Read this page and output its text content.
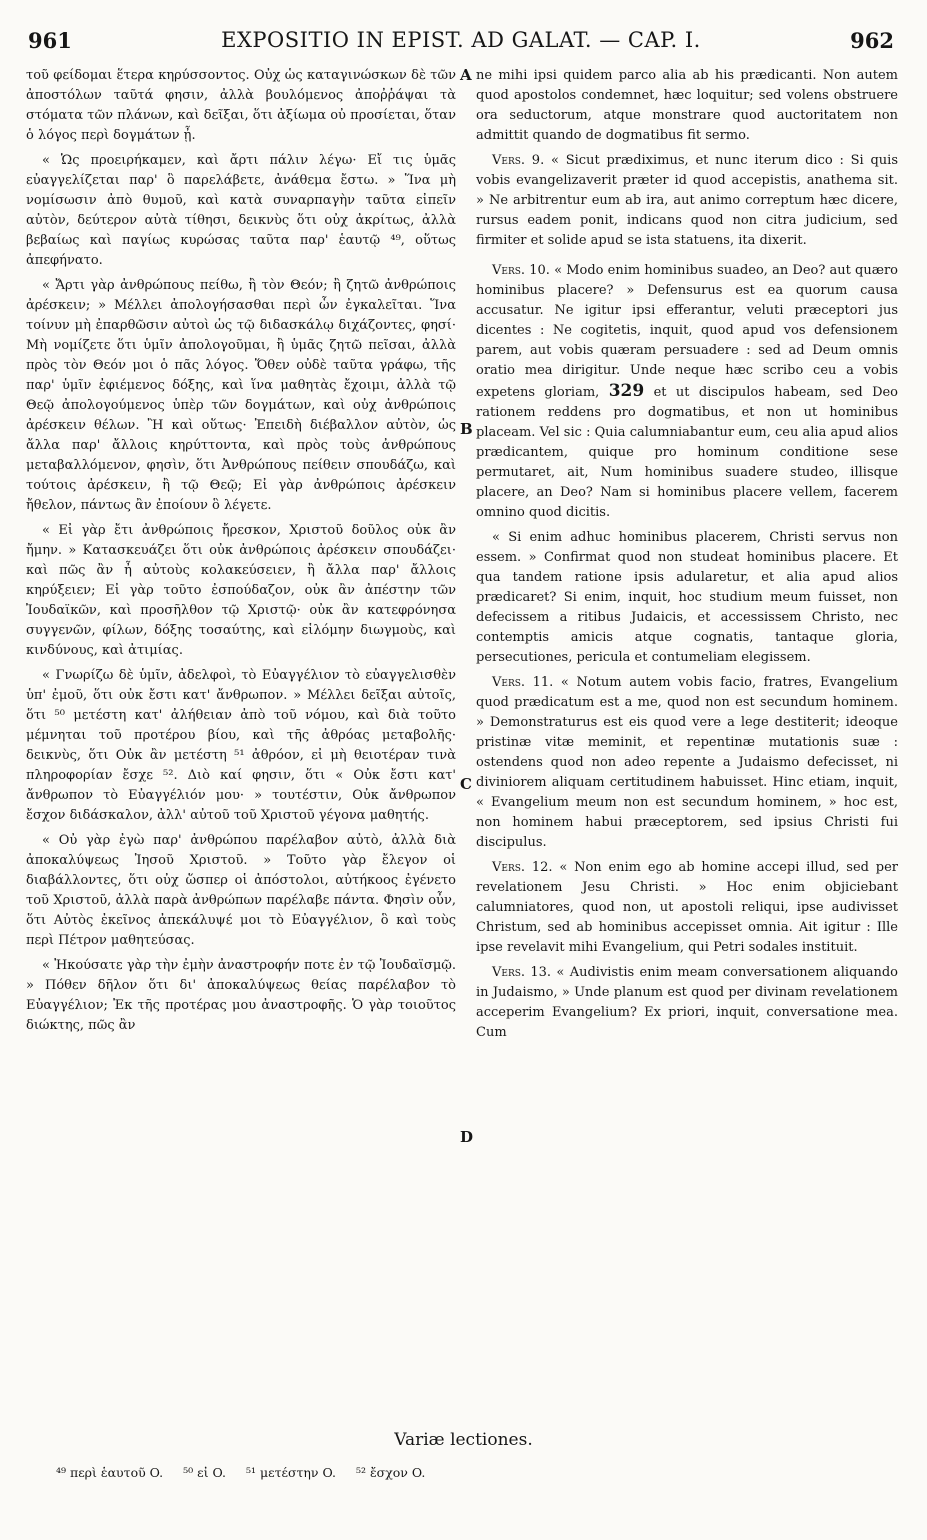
961	EXPOSITIO IN EPIST. AD GALAT. — CAP. I.	962

τοῦ φείδομαι ἕτερα κηρύσσοντος. Οὐχ ὡς καταγινώσκων δὲ τῶν ἀποστόλων ταῦτά φησιν, ἀλλὰ βουλόμενος ἀποῤῥάψαι τὰ στόματα τῶν πλάνων, καὶ δεῖξαι, ὅτι ἀξίωμα οὐ προσίεται, ὅταν ὁ λόγος περὶ δογμάτων ᾖ.

« Ὡς προειρήκαμεν, καὶ ἄρτι πάλιν λέγω· Εἴ τις ὑμᾶς εὐαγγελίζεται παρ' ὃ παρελάβετε, ἀνάθεμα ἔστω. » Ἵνα μὴ νομίσωσιν ἀπὸ θυμοῦ, καὶ κατὰ συναρπαγὴν ταῦτα εἰπεῖν αὐτὸν, δεύτερον αὐτὰ τίθησι, δεικνὺς ὅτι οὐχ ἀκρίτως, ἀλλὰ βεβαίως καὶ παγίως κυρώσας ταῦτα παρ' ἑαυτῷ ⁴⁹, οὕτως ἀπεφήνατο.

« Ἄρτι γὰρ ἀνθρώπους πείθω, ἢ τὸν Θεόν; ἢ ζητῶ ἀνθρώποις ἀρέσκειν; » Μέλλει ἀπολογήσασθαι περὶ ὧν ἐγκαλεῖται. Ἵνα τοίνυν μὴ ἐπαρθῶσιν αὐτοὶ ὡς τῷ διδασκάλῳ διχάζοντες, φησί· Μὴ νομίζετε ὅτι ὑμῖν ἀπολογοῦμαι, ἢ ὑμᾶς ζητῶ πεῖσαι, ἀλλὰ πρὸς τὸν Θεόν μοι ὁ πᾶς λόγος. Ὅθεν οὐδὲ ταῦτα γράφω, τῆς παρ' ὑμῖν ἐφιέμενος δόξης, καὶ ἵνα μαθητὰς ἔχοιμι, ἀλλὰ τῷ Θεῷ ἀπολογούμενος ὑπὲρ τῶν δογμάτων, καὶ οὐχ ἀνθρώποις ἀρέσκειν θέλων. Ἢ καὶ οὕτως· Ἐπειδὴ διέβαλλον αὐτὸν, ὡς ἄλλα παρ' ἄλλοις κηρύττοντα, καὶ πρὸς τοὺς ἀνθρώπους μεταβαλλόμενον, φησὶν, ὅτι Ἀνθρώπους πείθειν σπουδάζω, καὶ τούτοις ἀρέσκειν, ἢ τῷ Θεῷ; Εἰ γὰρ ἀνθρώποις ἀρέσκειν ἤθελον, πάντως ἂν ἐποίουν ὃ λέγετε.

« Εἰ γὰρ ἔτι ἀνθρώποις ἤρεσκον, Χριστοῦ δοῦλος οὐκ ἂν ἤμην. » Κατασκευάζει ὅτι οὐκ ἀνθρώποις ἀρέσκειν σπουδάζει· καὶ πῶς ἂν ἦ αὐτοὺς κολακεύσειεν, ἢ ἄλλα παρ' ἄλλοις κηρύξειεν; Εἰ γὰρ τοῦτο ἐσπούδαζον, οὐκ ἂν ἀπέστην τῶν Ἰουδαϊκῶν, καὶ προσῆλθον τῷ Χριστῷ· οὐκ ἂν κατεφρόνησα συγγενῶν, φίλων, δόξης τοσαύτης, καὶ εἱλόμην διωγμοὺς, καὶ κινδύνους, καὶ ἀτιμίας.

« Γνωρίζω δὲ ὑμῖν, ἀδελφοὶ, τὸ Εὐαγγέλιον τὸ εὐαγγελισθὲν ὑπ' ἐμοῦ, ὅτι οὐκ ἔστι κατ' ἄνθρωπον. » Μέλλει δεῖξαι αὐτοῖς, ὅτι ⁵⁰ μετέστη κατ' ἀλήθειαν ἀπὸ τοῦ νόμου, καὶ διὰ τοῦτο μέμνηται τοῦ προτέρου βίου, καὶ τῆς ἀθρόας μεταβολῆς· δεικνὺς, ὅτι Οὐκ ἂν μετέστη ⁵¹ ἀθρόον, εἰ μὴ θειοτέραν τινὰ πληροφορίαν ἔσχε ⁵². Διὸ καί φησιν, ὅτι « Οὐκ ἔστι κατ' ἄνθρωπον τὸ Εὐαγγέλιόν μου· » τουτέστιν, Οὐκ ἄνθρωπον ἔσχον διδάσκαλον, ἀλλ' αὐτοῦ τοῦ Χριστοῦ γέγονα μαθητής.

« Οὐ γὰρ ἐγὼ παρ' ἀνθρώπου παρέλαβον αὐτὸ, ἀλλὰ διὰ ἀποκαλύψεως Ἰησοῦ Χριστοῦ. » Τοῦτο γὰρ ἔλεγον οἱ διαβάλλοντες, ὅτι οὐχ ὥσπερ οἱ ἀπόστολοι, αὐτήκοος ἐγένετο τοῦ Χριστοῦ, ἀλλὰ παρὰ ἀνθρώπων παρέλαβε πάντα. Φησὶν οὖν, ὅτι Αὐτὸς ἐκεῖνος ἀπεκάλυψέ μοι τὸ Εὐαγγέλιον, ὃ καὶ τοὺς περὶ Πέτρον μαθητεύσας.

« Ἠκούσατε γὰρ τὴν ἐμὴν ἀναστροφήν ποτε ἐν τῷ Ἰουδαϊσμῷ. » Πόθεν δῆλον ὅτι δι' ἀποκαλύψεως θείας παρέλαβον τὸ Εὐαγγέλιον; Ἐκ τῆς προτέρας μου ἀναστροφῆς. Ὁ γὰρ τοιοῦτος διώκτης, πῶς ἂν

A
B
C
D

ne mihi ipsi quidem parco alia ab his prædicanti. Non autem quod apostolos condemnet, hæc loquitur; sed volens obstruere ora seductorum, atque monstrare quod auctoritatem non admittit quando de dogmatibus fit sermo.

Vers. 9. « Sicut prædiximus, et nunc iterum dico : Si quis vobis evangelizaverit præter id quod accepistis, anathema sit. » Ne arbitrentur eum ab ira, aut animo correptum hæc dicere, rursus eadem ponit, indicans quod non citra judicium, sed firmiter et solide apud se ista statuens, ita dixerit.

Vers. 10. « Modo enim hominibus suadeo, an Deo? aut quæro hominibus placere? » Defensurus est ea quorum causa accusatur. Ne igitur ipsi efferantur, veluti præceptori jus dicentes : Ne cogitetis, inquit, quod apud vos defensionem parem, aut vobis quæram persuadere : sed ad Deum omnis oratio mea dirigitur. Unde neque hæc scribo ceu a vobis expetens gloriam, 329 et ut discipulos habeam, sed Deo rationem reddens pro dogmatibus, et non ut hominibus placeam. Vel sic : Quia calumniabantur eum, ceu alia apud alios prædicantem, quique pro hominum conditione sese permutaret, ait, Num hominibus suadere studeo, illisque placere, an Deo? Nam si hominibus placere vellem, facerem omnino quod dicitis.

« Si enim adhuc hominibus placerem, Christi servus non essem. » Confirmat quod non studeat hominibus placere. Et qua tandem ratione ipsis adularetur, et alia apud alios prædicaret? Si enim, inquit, hoc studium meum fuisset, non defecissem a ritibus Judaicis, et accessissem Christo, nec contemptis amicis atque cognatis, tantaque gloria, persecutiones, pericula et contumeliam elegissem.

Vers. 11. « Notum autem vobis facio, fratres, Evangelium quod prædicatum est a me, quod non est secundum hominem. » Demonstraturus est eis quod vere a lege destiterit; ideoque pristinæ vitæ meminit, et repentinæ mutationis suæ : ostendens quod non adeo repente a Judaismo defecisset, ni diviniorem aliquam certitudinem habuisset. Hinc etiam, inquit, « Evangelium meum non est secundum hominem, » hoc est, non hominem habui præceptorem, sed ipsius Christi fui discipulus.

Vers. 12. « Non enim ego ab homine accepi illud, sed per revelationem Jesu Christi. » Hoc enim objiciebant calumniatores, quod non, ut apostoli reliqui, ipse audivisset Christum, sed ab hominibus accepisset omnia. Ait igitur : Ille ipse revelavit mihi Evangelium, qui Petri sodales instituit.

Vers. 13. « Audivistis enim meam conversationem aliquando in Judaismo, » Unde planum est quod per divinam revelationem acceperim Evangelium? Ex priori, inquit, conversatione mea. Cum

Variæ lectiones.
⁴⁹ περὶ ἑαυτοῦ O. ⁵⁰ εἰ O. ⁵¹ μετέστην O. ⁵² ἔσχον O.
